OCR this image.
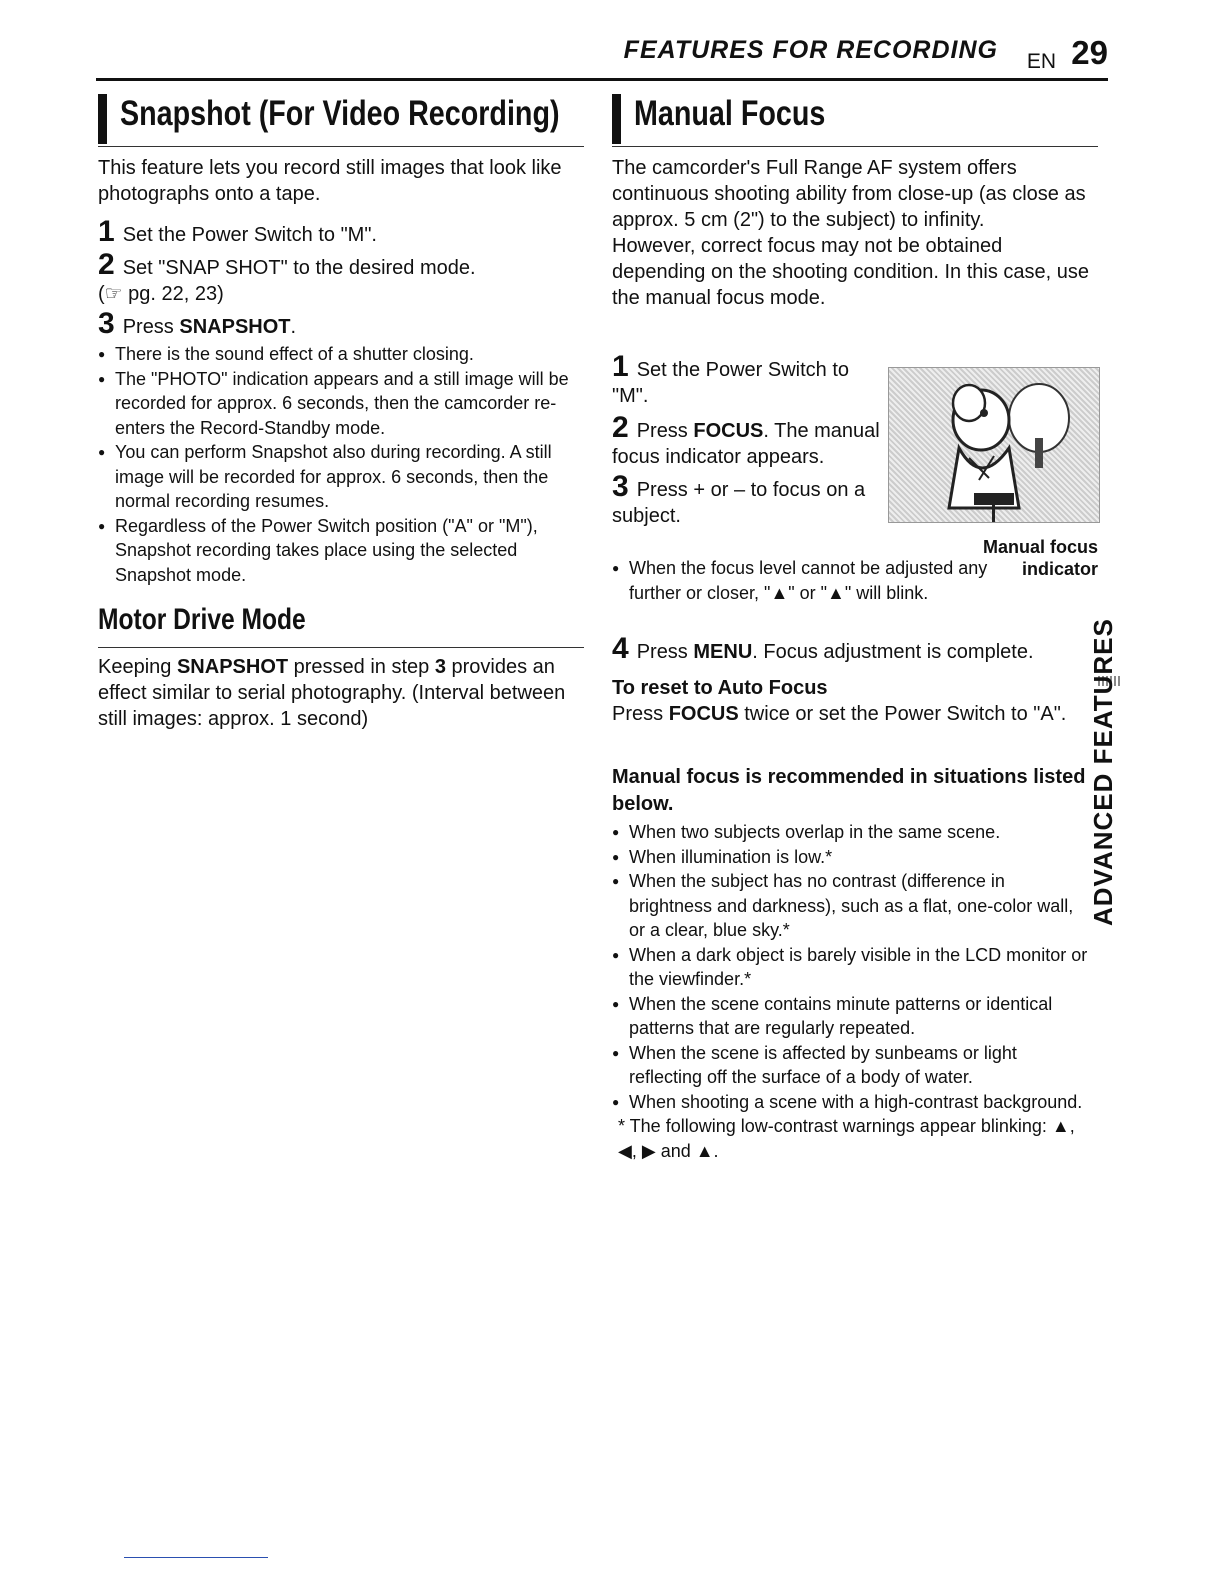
FEATURES FOR RECORDING EN 29
Snapshot (For Video Recording)
This feature lets you record still images that look like photographs onto a tape.
1 Set the Power Switch to "M".
2 Set "SNAP SHOT" to the desired mode.
(☞ pg. 22, 23)
3 Press SNAPSHOT.
● There is the sound effect of a shutter closing.
● The "PHOTO" indication appears and a still image will be recorded for approx. 6 seconds, then the camcorder re-enters the Record-Standby mode.
● You can perform Snapshot also during recording. A still image will be recorded for approx. 6 seconds, then the normal recording resumes.
● Regardless of the Power Switch position ("A" or "M"), Snapshot recording takes place using the selected Snapshot mode.
Motor Drive Mode
Keeping SNAPSHOT pressed in step 3 provides an effect similar to serial photography. (Interval between still images: approx. 1 second)
Manual Focus
The camcorder's Full Range AF system offers continuous shooting ability from close-up (as close as approx. 5 cm (2") to the subject) to infinity.
However, correct focus may not be obtained depending on the shooting condition. In this case, use the manual focus mode.
1 Set the Power Switch to "M".
2 Press FOCUS. The manual focus indicator appears.
3 Press + or – to focus on a subject.
● When the focus level cannot be adjusted any further or closer, "▲" or "▲" will blink.
Manual focus indicator
4 Press MENU. Focus adjustment is complete.
To reset to Auto Focus
Press FOCUS twice or set the Power Switch to "A".
Manual focus is recommended in situations listed below.
● When two subjects overlap in the same scene.
● When illumination is low.*
● When the subject has no contrast (difference in brightness and darkness), such as a flat, one-color wall, or a clear, blue sky.*
● When a dark object is barely visible in the LCD monitor or the viewfinder.*
● When the scene contains minute patterns or identical patterns that are regularly repeated.
● When the scene is affected by sunbeams or light reflecting off the surface of a body of water.
● When shooting a scene with a high-contrast background.
* The following low-contrast warnings appear blinking: ▲, ◀, ▶ and ▲.
ADVANCED FEATURES
